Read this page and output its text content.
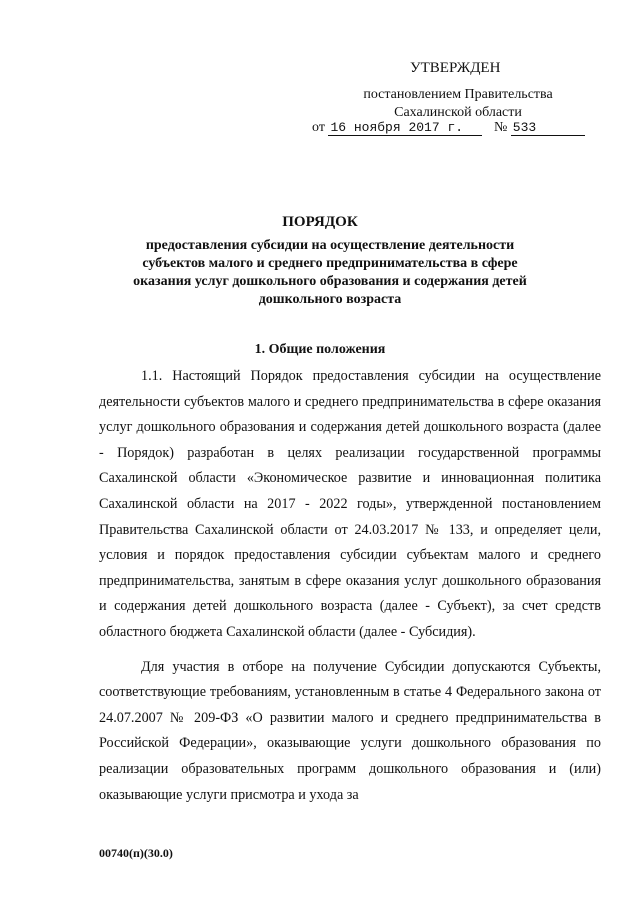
УТВЕРЖДЕН
постановлением Правительства Сахалинской области
от 16 ноября 2017 г. № 533
ПОРЯДОК
предоставления субсидии на осуществление деятельности субъектов малого и среднего предпринимательства в сфере оказания услуг дошкольного образования и содержания детей дошкольного возраста
1. Общие положения

1.1. Настоящий Порядок предоставления субсидии на осуществление деятельности субъектов малого и среднего предпринимательства в сфере оказания услуг дошкольного образования и содержания детей дошкольного возраста (далее - Порядок) разработан в целях реализации государственной программы Сахалинской области «Экономическое развитие и инновационная политика Сахалинской области на 2017 - 2022 годы», утвержденной постановлением Правительства Сахалинской области от 24.03.2017 № 133, и определяет цели, условия и порядок предоставления субсидии субъектам малого и среднего предпринимательства, занятым в сфере оказания услуг дошкольного образования и содержания детей дошкольного возраста (далее - Субъект), за счет средств областного бюджета Сахалинской области (далее - Субсидия).

Для участия в отборе на получение Субсидии допускаются Субъекты, соответствующие требованиям, установленным в статье 4 Федерального закона от 24.07.2007 № 209-ФЗ «О развитии малого и среднего предпринимательства в Российской Федерации», оказывающие услуги дошкольного образования по реализации образовательных программ дошкольного образования и (или) оказывающие услуги присмотра и ухода за

00740(п)(30.0)
